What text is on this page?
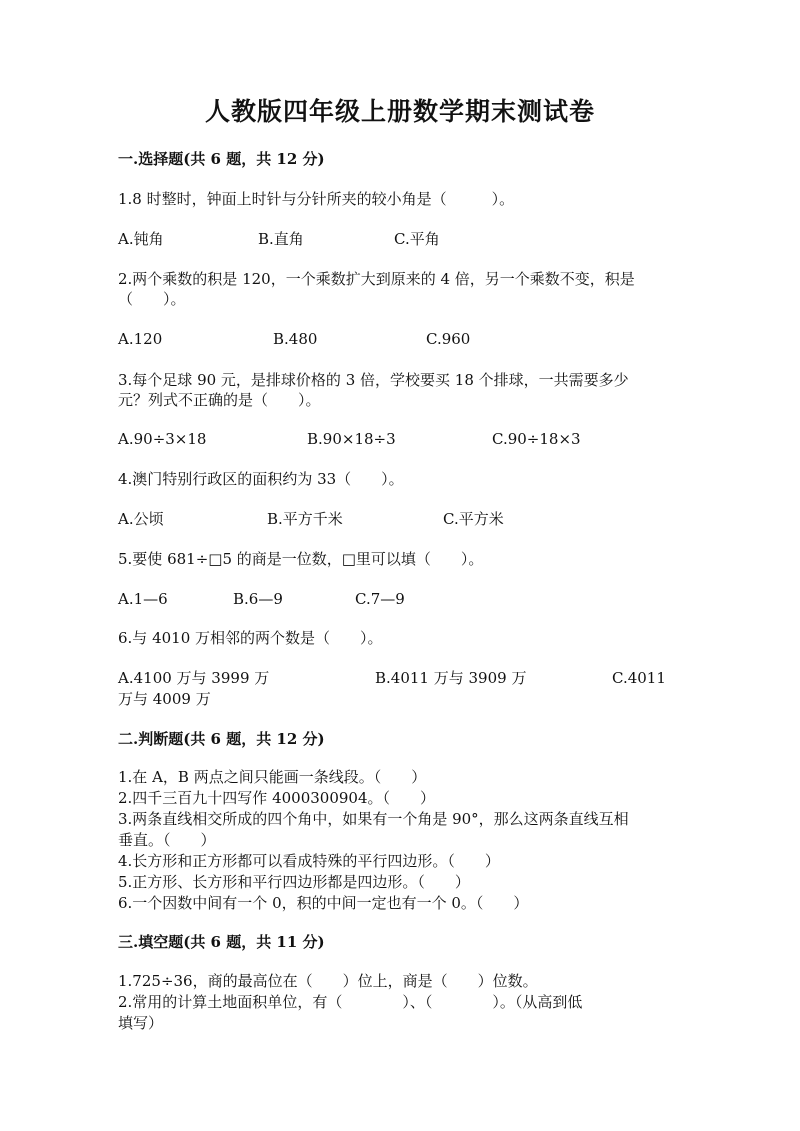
人教版四年级上册数学期末测试卷
一.选择题(共 6 题，共 12 分)
1.8 时整时，钟面上时针与分针所夹的较小角是（　　　）。
A.钝角	B.直角	C.平角
2.两个乘数的积是 120，一个乘数扩大到原来的 4 倍，另一个乘数不变，积是
（　　）。
A.120	B.480	C.960
3.每个足球 90 元，是排球价格的 3 倍，学校要买 18 个排球，一共需要多少
元？列式不正确的是（　　）。
A.90÷3×18	B.90×18÷3	C.90÷18×3
4.澳门特别行政区的面积约为 33（　　）。
A.公顷	B.平方千米	C.平方米
5.要使 681÷□5 的商是一位数，□里可以填（　　）。
A.1—6	B.6—9	C.7—9
6.与 4010 万相邻的两个数是（　　）。
A.4100 万与 3999 万	B.4011 万与 3909 万	C.4011
万与 4009 万
二.判断题(共 6 题，共 12 分)
1.在 A，B 两点之间只能画一条线段。（　　）
2.四千三百九十四写作 4000300904。（　　）
3.两条直线相交所成的四个角中，如果有一个角是 90°，那么这两条直线互相
垂直。（　　）
4.长方形和正方形都可以看成特殊的平行四边形。（　　）
5.正方形、长方形和平行四边形都是四边形。（　　）
6.一个因数中间有一个 0，积的中间一定也有一个 0。（　　）
三.填空题(共 6 题，共 11 分)
1.725÷36，商的最高位在（　　）位上，商是（　　）位数。
2.常用的计算土地面积单位，有（　　　　）、（　　　　）。（从高到低
填写）
